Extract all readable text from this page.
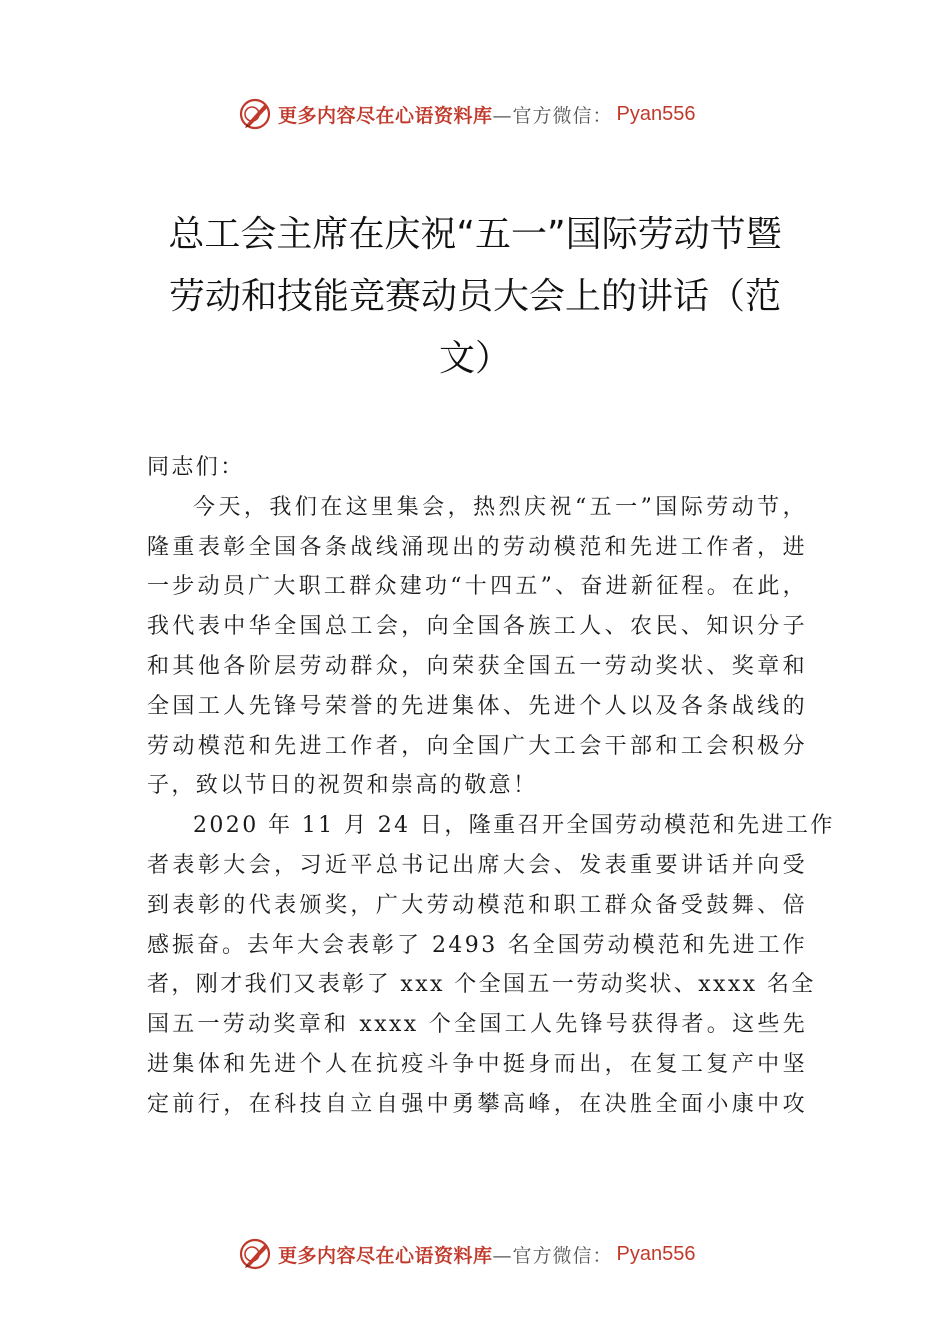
更多内容尽在心语资料库 —官方微信： Pyan556
总工会主席在庆祝“五一”国际劳动节暨
劳动和技能竞赛动员大会上的讲话（范
文）
同志们：
今天，我们在这里集会，热烈庆祝“五一”国际劳动节，
隆重表彰全国各条战线涌现出的劳动模范和先进工作者，进
一步动员广大职工群众建功“十四五”、奋进新征程。在此，
我代表中华全国总工会，向全国各族工人、农民、知识分子
和其他各阶层劳动群众，向荣获全国五一劳动奖状、奖章和
全国工人先锋号荣誉的先进集体、先进个人以及各条战线的
劳动模范和先进工作者，向全国广大工会干部和工会积极分
子，致以节日的祝贺和崇高的敬意！
2020 年 11 月 24 日，隆重召开全国劳动模范和先进工作
者表彰大会，习近平总书记出席大会、发表重要讲话并向受
到表彰的代表颁奖，广大劳动模范和职工群众备受鼓舞、倍
感振奋。去年大会表彰了 2493 名全国劳动模范和先进工作
者，刚才我们又表彰了 xxx 个全国五一劳动奖状、xxxx 名全
国五一劳动奖章和 xxxx 个全国工人先锋号获得者。这些先
进集体和先进个人在抗疫斗争中挺身而出，在复工复产中坚
定前行，在科技自立自强中勇攀高峰，在决胜全面小康中攻
更多内容尽在心语资料库 —官方微信： Pyan556
